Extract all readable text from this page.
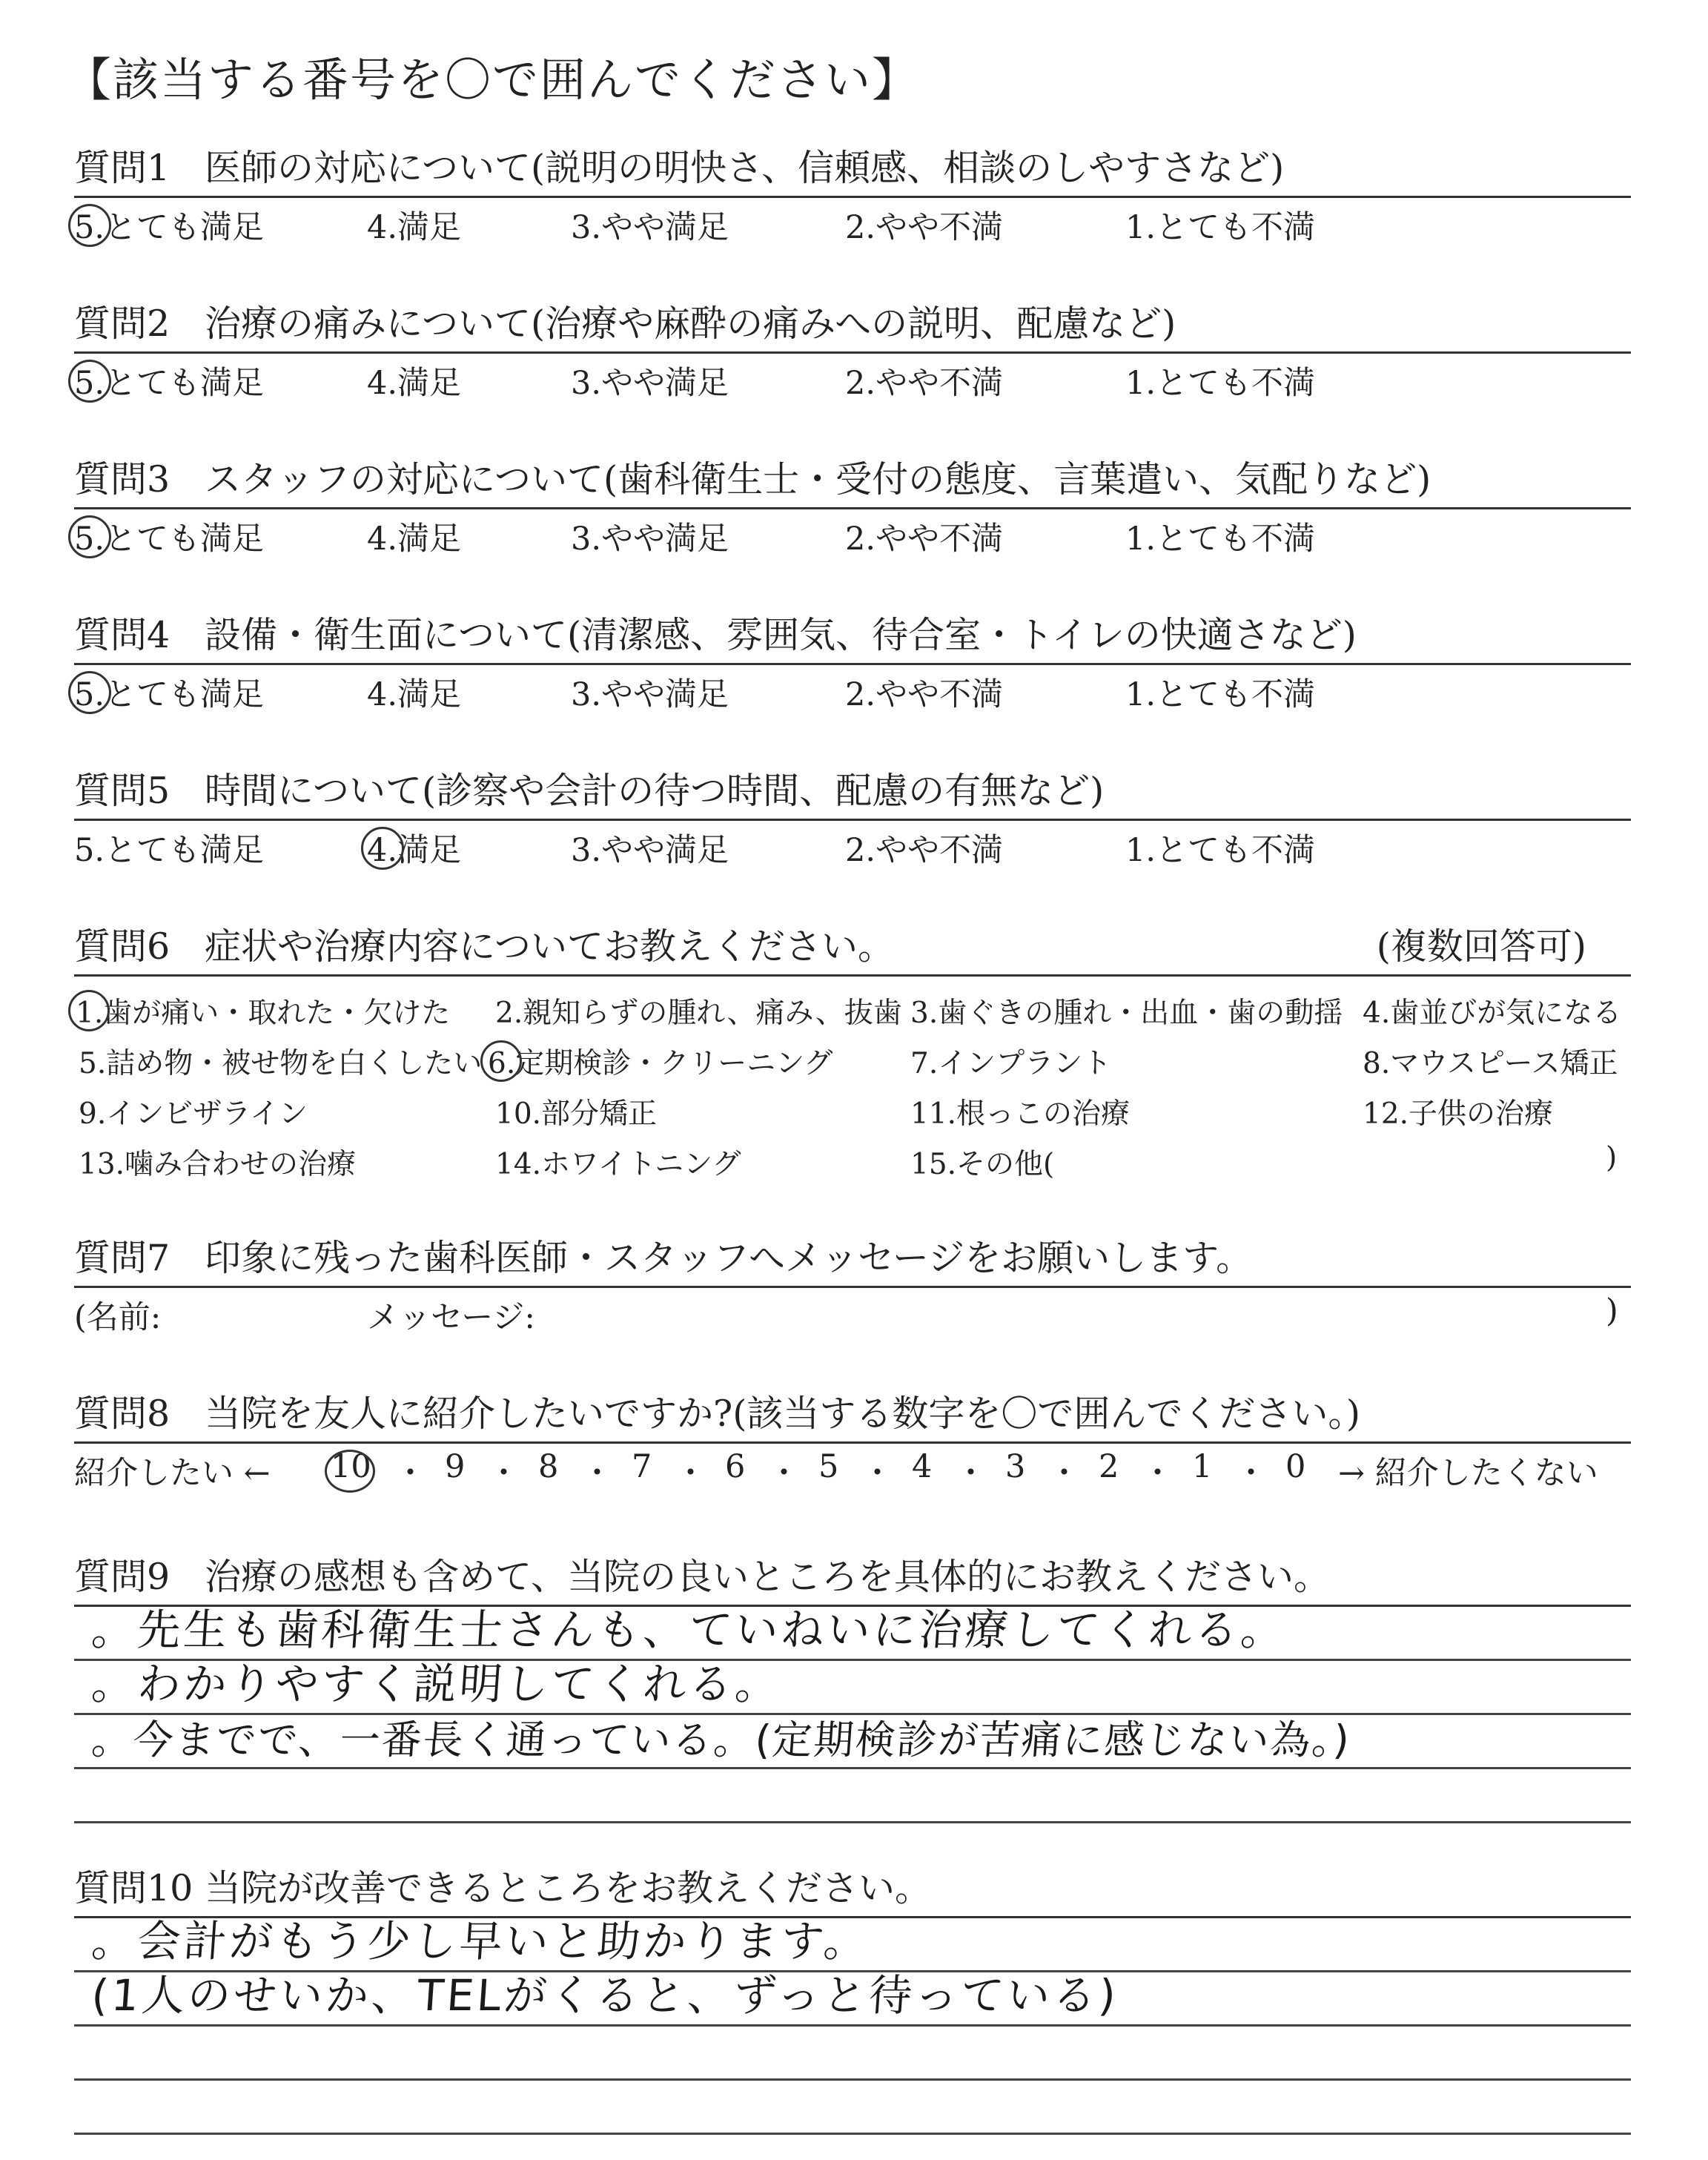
【該当する番号を〇で囲んでください】
質問1 医師の対応について(説明の明快さ、信頼感、相談のしやすさなど)
5.とても満足	4.満足	3.やや満足	2.やや不満	1.とても不満
質問2 治療の痛みについて(治療や麻酔の痛みへの説明、配慮など)
5.とても満足	4.満足	3.やや満足	2.やや不満	1.とても不満
質問3 スタッフの対応について(歯科衛生士・受付の態度、言葉遣い、気配りなど)
5.とても満足	4.満足	3.やや満足	2.やや不満	1.とても不満
質問4 設備・衛生面について(清潔感、雰囲気、待合室・トイレの快適さなど)
5.とても満足	4.満足	3.やや満足	2.やや不満	1.とても不満
質問5 時間について(診察や会計の待つ時間、配慮の有無など)
5.とても満足	4.満足	3.やや満足	2.やや不満	1.とても不満
質問6 症状や治療内容についてお教えください。	(複数回答可)
1.歯が痛い・取れた・欠けた 2.親知らずの腫れ、痛み、抜歯 3.歯ぐきの腫れ・出血・歯の動揺 4.歯並びが気になる
5.詰め物・被せ物を白くしたい 6.定期検診・クリーニング	7.インプラント	8.マウスピース矯正
9.インビザライン	10.部分矯正	11.根っこの治療	12.子供の治療
13.噛み合わせの治療	14.ホワイトニング	15.その他(	)
質問7 印象に残った歯科医師・スタッフへメッセージをお願いします。
(名前:	メッセージ:	)
質問8 当院を友人に紹介したいですか?(該当する数字を〇で囲んでください。)
紹介したい ← 10 ・ 9 ・ 8 ・ 7 ・ 6 ・ 5 ・ 4 ・ 3 ・ 2 ・ 1 ・ 0 → 紹介したくない
質問9 治療の感想も含めて、当院の良いところを具体的にお教えください。
。先生も歯科衛生士さんも、ていねいに治療してくれる。
。わかりやすく説明してくれる。
。今までで、一番長く通っている。(定期検診が苦痛に感じない為。)
質問10 当院が改善できるところをお教えください。
。会計がもう少し早いと助かります。
(1人のせいか、TELがくると、ずっと待っている)
